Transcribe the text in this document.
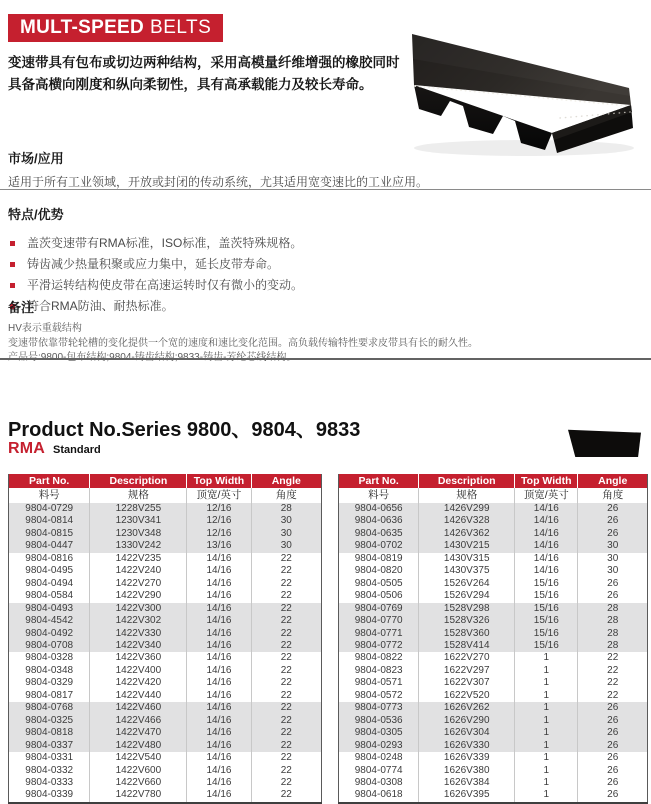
MULT-SPEED BELTS

变速带具有包布或切边两种结构，采用高模量纤维增强的橡胶同时具备高横向刚度和纵向柔韧性，具有高承载能力及较长寿命。

市场/应用

适用于所有工业领域，开放或封闭的传动系统，尤其适用宽变速比的工业应用。

特点/优势
盖茨变速带有RMA标准，ISO标准，盖茨特殊规格。
铸齿减少热量积聚或应力集中，延长皮带寿命。
平滑运转结构使皮带在高速运转时仅有微小的变动。
符合RMA防油、耐热标准。
备注

HV表示重载结构

变速带依靠带轮轮槽的变化提供一个宽的速度和速比变化范围。高负载传输特性要求皮带具有长的耐久性。

产品号:9800-包布结构;9804-铸齿结构;9833-铸齿-芳纶芯线结构。

Product No.Series 9800、9804、9833
RMA Standard
Part No.	Description	Top Width	Angle
料号	规格	顶宽/英寸	角度
9804-0729	1228V255	12/16	28
9804-0814	1230V341	12/16	30
9804-0815	1230V348	12/16	30
9804-0447	1330V242	13/16	30
9804-0816	1422V235	14/16	22
9804-0495	1422V240	14/16	22
9804-0494	1422V270	14/16	22
9804-0584	1422V290	14/16	22
9804-0493	1422V300	14/16	22
9804-4542	1422V302	14/16	22
9804-0492	1422V330	14/16	22
9804-0708	1422V340	14/16	22
9804-0328	1422V360	14/16	22
9804-0348	1422V400	14/16	22
9804-0329	1422V420	14/16	22
9804-0817	1422V440	14/16	22
9804-0768	1422V460	14/16	22
9804-0325	1422V466	14/16	22
9804-0818	1422V470	14/16	22
9804-0337	1422V480	14/16	22
9804-0331	1422V540	14/16	22
9804-0332	1422V600	14/16	22
9804-0333	1422V660	14/16	22
9804-0339	1422V780	14/16	22
Part No.	Description	Top Width	Angle
料号	规格	顶宽/英寸	角度
9804-0656	1426V299	14/16	26
9804-0636	1426V328	14/16	26
9804-0635	1426V362	14/16	26
9804-0702	1430V215	14/16	30
9804-0819	1430V315	14/16	30
9804-0820	1430V375	14/16	30
9804-0505	1526V264	15/16	26
9804-0506	1526V294	15/16	26
9804-0769	1528V298	15/16	28
9804-0770	1528V326	15/16	28
9804-0771	1528V360	15/16	28
9804-0772	1528V414	15/16	28
9804-0822	1622V270	1	22
9804-0823	1622V297	1	22
9804-0571	1622V307	1	22
9804-0572	1622V520	1	22
9804-0773	1626V262	1	26
9804-0536	1626V290	1	26
9804-0305	1626V304	1	26
9804-0293	1626V330	1	26
9804-0248	1626V339	1	26
9804-0774	1626V380	1	26
9804-0308	1626V384	1	26
9804-0618	1626V395	1	26
